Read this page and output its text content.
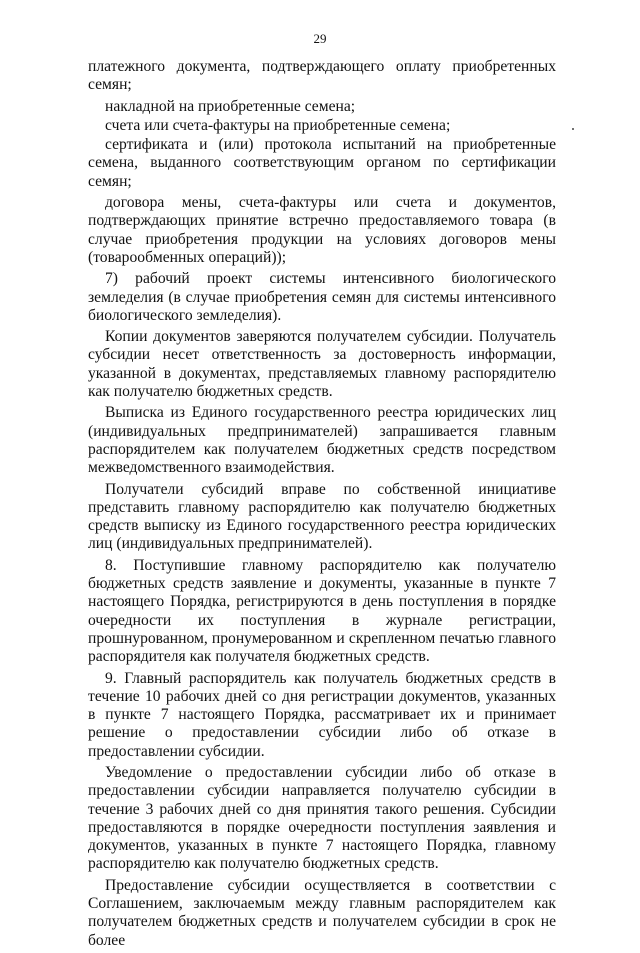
29

платежного документа, подтверждающего оплату приобретенных семян;

накладной на приобретенные семена;

счета или счета-фактуры на приобретенные семена;

сертификата и (или) протокола испытаний на приобретенные семена, выданного соответствующим органом по сертификации семян;

договора мены, счета-фактуры или счета и документов, подтверждающих принятие встречно предоставляемого товара (в случае приобретения продукции на условиях договоров мены (товарообменных операций));

7) рабочий проект системы интенсивного биологического земледелия (в случае приобретения семян для системы интенсивного биологического земледелия).

Копии документов заверяются получателем субсидии. Получатель субсидии несет ответственность за достоверность информации, указанной в документах, представляемых главному распорядителю как получателю бюджетных средств.

Выписка из Единого государственного реестра юридических лиц (индивидуальных предпринимателей) запрашивается главным распорядителем как получателем бюджетных средств посредством межведомственного взаимодействия.

Получатели субсидий вправе по собственной инициативе представить главному распорядителю как получателю бюджетных средств выписку из Единого государственного реестра юридических лиц (индивидуальных предпринимателей).

8. Поступившие главному распорядителю как получателю бюджетных средств заявление и документы, указанные в пункте 7 настоящего Порядка, регистрируются в день поступления в порядке очередности их поступления в журнале регистрации, прошнурованном, пронумерованном и скрепленном печатью главного распорядителя как получателя бюджетных средств.

9. Главный распорядитель как получатель бюджетных средств в течение 10 рабочих дней со дня регистрации документов, указанных в пункте 7 настоящего Порядка, рассматривает их и принимает решение о предоставлении субсидии либо об отказе в предоставлении субсидии.

Уведомление о предоставлении субсидии либо об отказе в предоставлении субсидии направляется получателю субсидии в течение 3 рабочих дней со дня принятия такого решения. Субсидии предоставляются в порядке очередности поступления заявления и документов, указанных в пункте 7 настоящего Порядка, главному распорядителю как получателю бюджетных средств.

Предоставление субсидии осуществляется в соответствии с Соглашением, заключаемым между главным распорядителем как получателем бюджетных средств и получателем субсидии в срок не более
